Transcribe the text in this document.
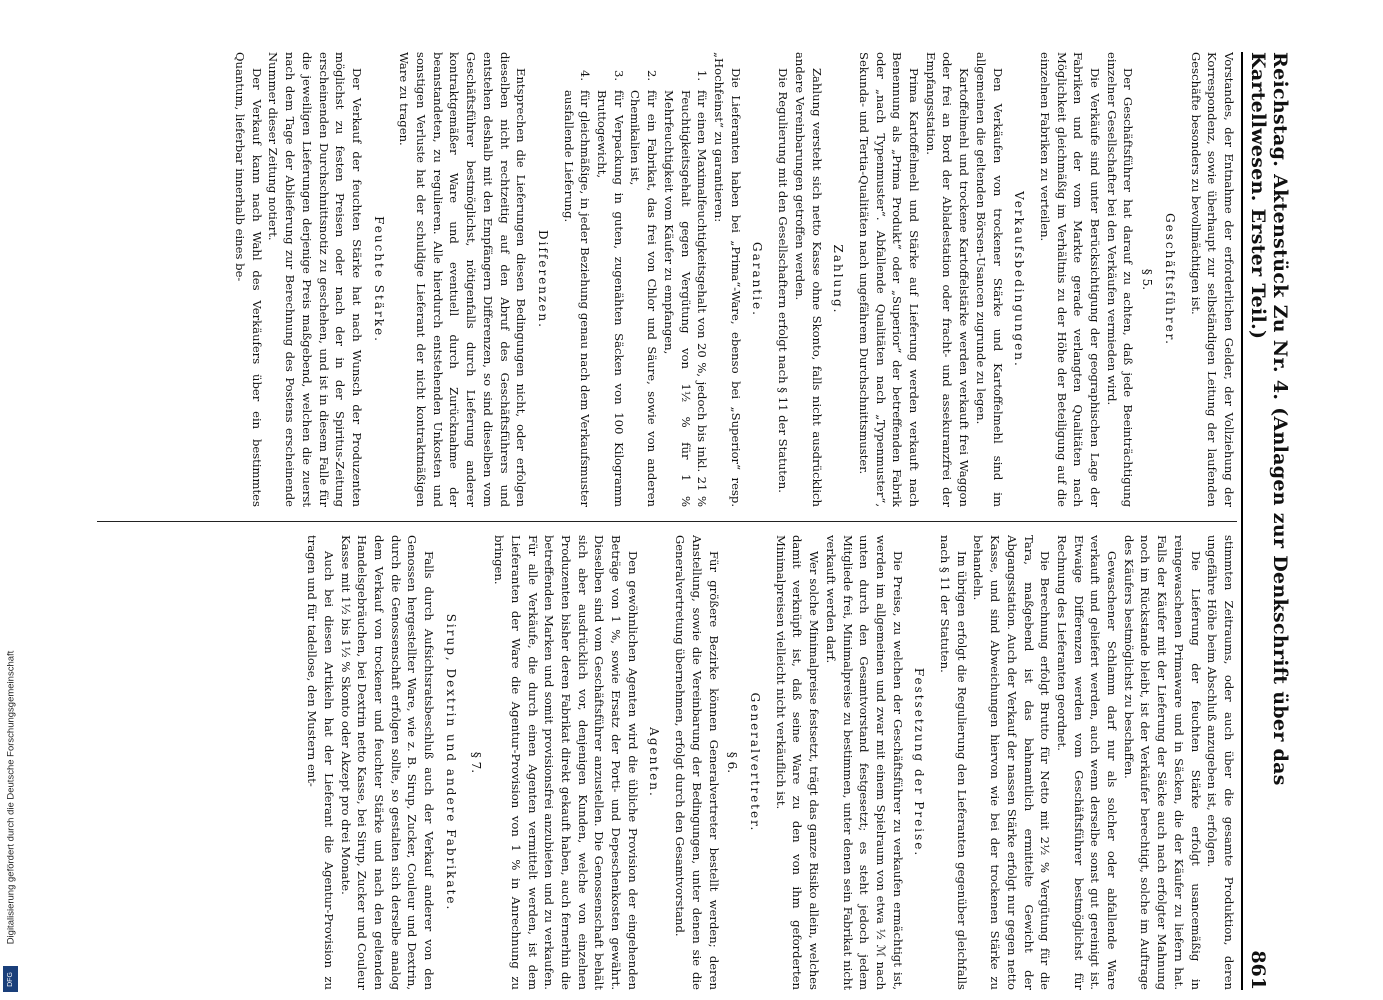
Reichstag. Aktenstück Zu Nr. 4. (Anlagen zur Denkschrift über das Kartellwesen. Erster Teil.)
861

Vorstandes, der Entnahme der erforderlichen Gelder, der Vollziehung der Korrespondenz, sowie überhaupt zur selbständigen Leitung der laufenden Geschäfte besonders zu bevollmächtigen ist.

Geschäftsführer.
§ 5.

Der Geschäftsführer hat darauf zu achten, daß jede Beeinträchtigung einzelner Gesellschafter bei den Verkäufen vermieden wird.

Die Verkäufe sind unter Berücksichtigung der geographischen Lage der Fabriken und der vom Markte gerade verlangten Qualitäten nach Möglichkeit gleichmäßig im Verhältnis zu der Höhe der Beteiligung auf die einzelnen Fabriken zu verteilen.

Verkaufsbedingungen.

Den Verkäufen von trockener Stärke und Kartoffelmehl sind im allgemeinen die geltenden Börsen-Usancen zugrunde zu legen.

Kartoffelmehl und trockene Kartoffelstärke werden verkauft frei Waggon oder frei an Bord der Abladestation oder fracht- und assekuranzfrei der Empfangsstation.

Prima Kartoffelmehl und Stärke auf Lieferung werden verkauft nach Benennung als „Prima Produkt“ oder „Superior“ der betreffenden Fabrik oder „nach Typenmuster“. Abfallende Qualitäten nach „Typenmuster“, Sekunda- und Tertia-Qualitäten nach ungefährem Durchschnittsmuster.

Zahlung.

Zahlung versteht sich netto Kasse ohne Skonto, falls nicht ausdrücklich andere Vereinbarungen getroffen werden.

Die Regulierung mit den Gesellschaftern erfolgt nach § 11 der Statuten.

Garantie.

Die Lieferanten haben bei „Prima“-Ware, ebenso bei „Superior“ resp. „Hochfeinst“ zu garantieren:

1.
für einen Maximalfeuchtigkeitsgehalt von 20 %, jedoch bis inkl. 21 % Feuchtigkeitsgehalt gegen Vergütung von 1½ % für 1 % Mehrfeuchtigkeit vom Käufer zu empfangen,
2.
für ein Fabrikat, das frei von Chlor und Säure, sowie von anderen Chemikalien ist,
3.
für Verpackung in guten, zugenähten Säcken von 100 Kilogramm Bruttogewicht,
4.
für gleichmäßige, in jeder Beziehung genau nach dem Verkaufsmuster ausfallende Lieferung.
Differenzen.

Entsprechen die Lieferungen diesen Bedingungen nicht, oder erfolgen dieselben nicht rechtzeitig auf den Abruf des Geschäftsführers und entstehen deshalb mit den Empfängern Differenzen, so sind dieselben vom Geschäftsführer bestmöglichst, nötigenfalls durch Lieferung anderer kontraktgemäßer Ware und eventuell durch Zurücknahme der beanstandeten, zu regulieren. Alle hierdurch entstehenden Unkosten und sonstigen Verluste hat der schuldige Lieferant der nicht kontraktmäßigen Ware zu tragen.

Feuchte Stärke.

Der Verkauf der feuchten Stärke hat nach Wunsch der Produzenten möglichst zu festen Preisen oder nach der in der Spiritus-Zeitung erscheinenden Durchschnittsnotiz zu geschehen, und ist in diesem Falle für die jeweiligen Lieferungen derjenige Preis maßgebend, welchen die zuerst nach dem Tage der Ablieferung zur Berechnung des Postens erscheinende Nummer dieser Zeitung notiert.

Der Verkauf kann nach Wahl des Verkäufers über ein bestimmtes Quantum, lieferbar innerhalb eines be-

stimmten Zeitraums, oder auch über die gesamte Produktion, deren ungefähre Höhe beim Abschluß anzugeben ist, erfolgen.

Die Lieferung der feuchten Stärke erfolgt usancemäßig in reingewaschenen Primaware und in Säcken, die der Käufer zu liefern hat. Falls der Käufer mit der Lieferung der Säcke auch nach erfolgter Mahnung noch im Rückstande bleibt, ist der Verkäufer berechtigt, solche im Auftrage des Käufers bestmöglichst zu beschaffen.

Gewaschener Schlamm darf nur als solcher oder abfallende Ware verkauft und geliefert werden, auch wenn derselbe sonst gut gereinigt ist. Etwaige Differenzen werden vom Geschäftsführer bestmöglichst für Rechnung des Lieferanten geordnet.

Die Berechnung erfolgt Brutto für Netto mit 2½ % Vergütung für die Tara, maßgebend ist das bahnamtlich ermittelte Gewicht der Abgangsstation. Auch der Verkauf der nassen Stärke erfolgt nur gegen netto Kasse, und sind Abweichungen hiervon wie bei der trockenen Stärke zu behandeln.

Im übrigen erfolgt die Regulierung den Lieferanten gegenüber gleichfalls nach § 11 der Statuten.

Festsetzung der Preise.

Die Preise, zu welchen der Geschäftsführer zu verkaufen ermächtigt ist, werden im allgemeinen und zwar mit einem Spielraum von etwa ½ ℳ nach unten durch den Gesamtvorstand festgesetzt; es steht jedoch jedem Mitgliede frei, Minimalpreise zu bestimmen, unter denen sein Fabrikat nicht verkauft werden darf.

Wer solche Minimalpreise festsetzt, trägt das ganze Risiko allein, welches damit verknüpft ist, daß seine Ware zu den von ihm geforderten Minimalpreisen vielleicht nicht verkäuflich ist.

Generalvertreter.
§ 6.

Für größere Bezirke können Generalvertreter bestellt werden; deren Anstellung, sowie die Vereinbarung der Bedingungen, unter denen sie die Generalvertretung übernehmen, erfolgt durch den Gesamtvorstand.

Agenten.

Den gewöhnlichen Agenten wird die übliche Provision der eingehenden Beträge von 1 %, sowie Ersatz der Porti- und Depeschenkosten gewährt. Dieselben sind vom Geschäftsführer anzustellen. Die Genossenschaft behält sich aber ausdrücklich vor, denjenigen Kunden, welche von einzelnen Produzenten bisher deren Fabrikat direkt gekauft haben, auch fernerhin die betreffenden Marken und somit provisionsfrei anzubieten und zu verkaufen. Für alle Verkäufe, die durch einen Agenten vermittelt werden, ist dem Lieferanten der Ware die Agentur-Provision von 1 % in Anrechnung zu bringen.

§ 7.
Sirup, Dextrin und andere Fabrikate.

Falls durch Aufsichtsratsbeschluß auch der Verkauf anderer von den Genossen hergestellter Ware, wie z. B. Sirup, Zucker, Couleur und Dextrin, durch die Genossenschaft erfolgen sollte, so gestalten sich derselbe analog dem Verkauf von trockener und feuchter Stärke und nach den geltenden Handelsgebräuchen, bei Dextrin netto Kasse, bei Sirup, Zucker und Couleur Kasse mit 1½ bis 1½ % Skonto oder Akzept pro drei Monate.

Auch bei diesen Artikeln hat der Lieferant die Agentur-Provision zu tragen und für tadellose, den Mustern ent-

Digitalisierung gefördert durch die Deutsche Forschungsgemeinschaft
DFG
